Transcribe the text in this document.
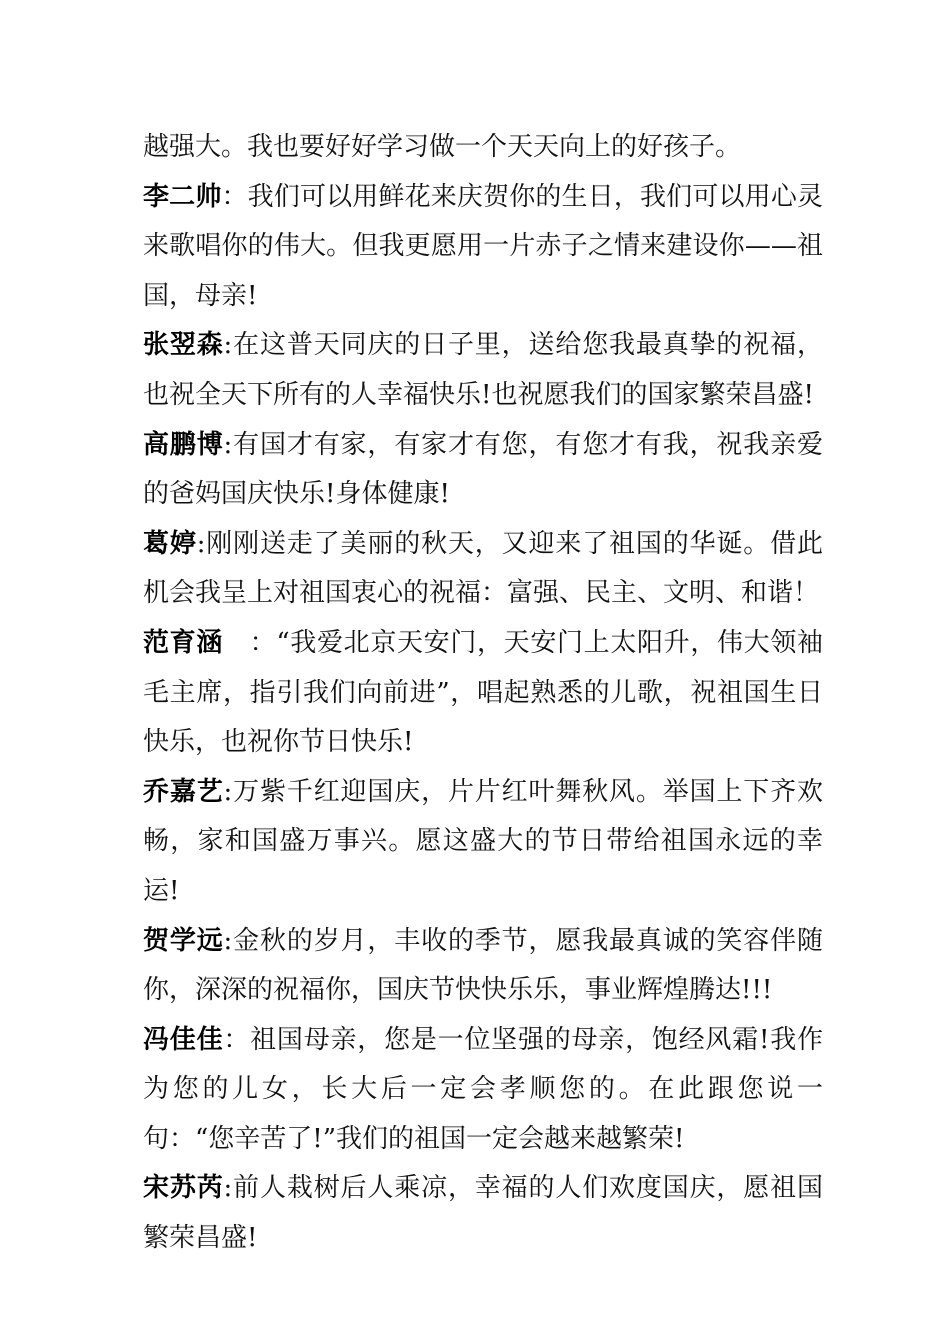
越强大。我也要好好学习做一个天天向上的好孩子。

李二帅：我们可以用鲜花来庆贺你的生日，我们可以用心灵来歌唱你的伟大。但我更愿用一片赤子之情来建设你——祖国，母亲!

张翌森:在这普天同庆的日子里，送给您我最真挚的祝福，也祝全天下所有的人幸福快乐!也祝愿我们的国家繁荣昌盛!

高鹏博:有国才有家，有家才有您，有您才有我，祝我亲爱的爸妈国庆快乐!身体健康!

葛婷:刚刚送走了美丽的秋天，又迎来了祖国的华诞。借此机会我呈上对祖国衷心的祝福：富强、民主、文明、和谐！

范育涵　：“我爱北京天安门，天安门上太阳升，伟大领袖毛主席，指引我们向前进”，唱起熟悉的儿歌，祝祖国生日快乐，也祝你节日快乐!

乔嘉艺:万紫千红迎国庆，片片红叶舞秋风。举国上下齐欢畅，家和国盛万事兴。愿这盛大的节日带给祖国永远的幸运!

贺学远:金秋的岁月，丰收的季节，愿我最真诚的笑容伴随你，深深的祝福你，国庆节快快乐乐，事业辉煌腾达!!!

冯佳佳：祖国母亲，您是一位坚强的母亲，饱经风霜!我作为您的儿女，长大后一定会孝顺您的。在此跟您说一句：“您辛苦了!”我们的祖国一定会越来越繁荣!

宋苏芮:前人栽树后人乘凉，幸福的人们欢度国庆，愿祖国繁荣昌盛!
